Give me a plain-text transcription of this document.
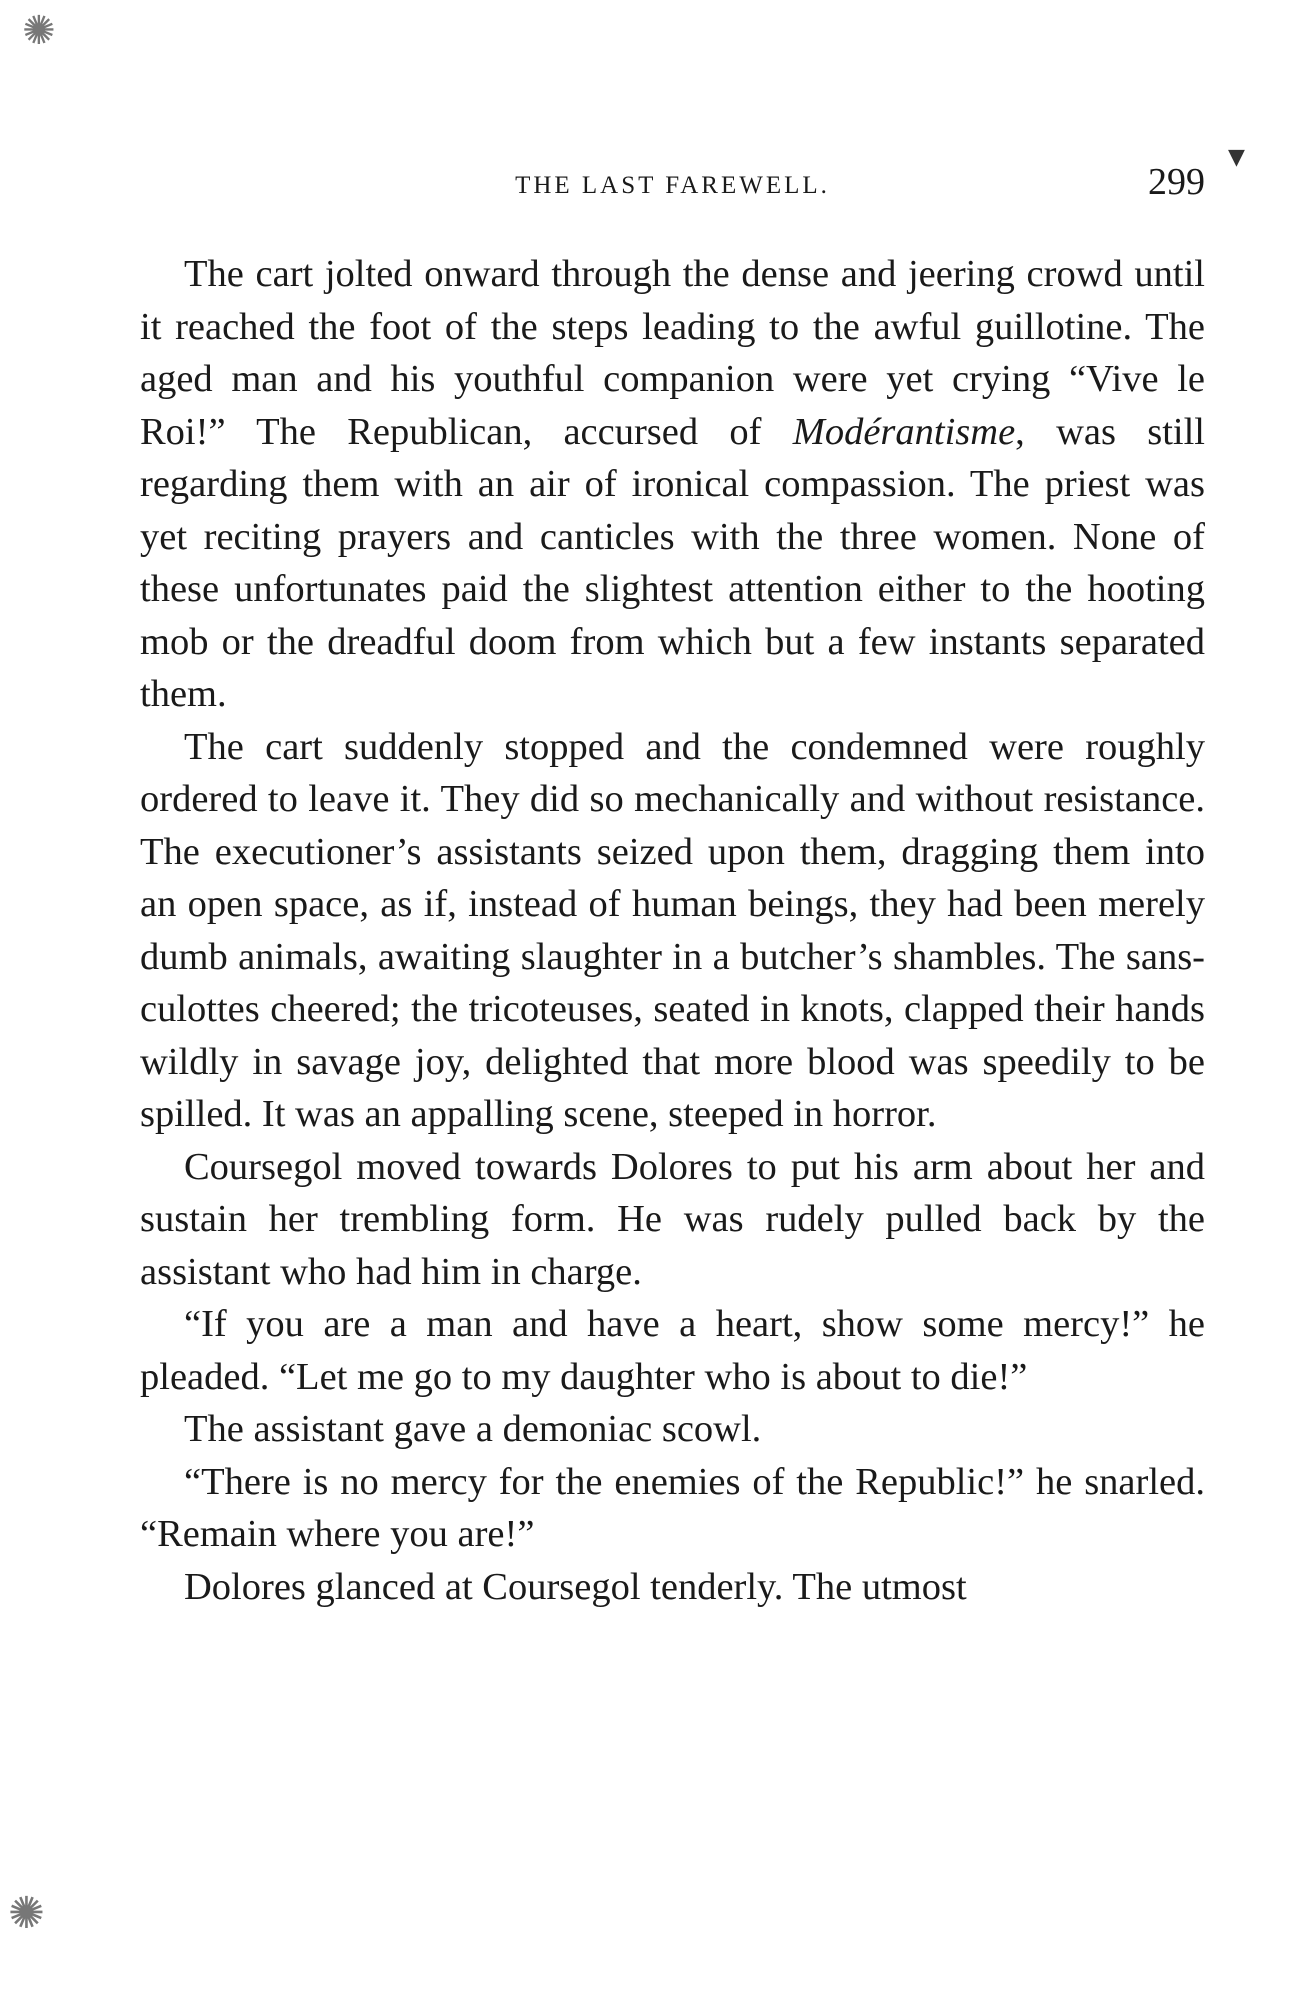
THE LAST FAREWELL.	299

The cart jolted onward through the dense and jeering crowd until it reached the foot of the steps leading to the awful guillotine. The aged man and his youthful companion were yet crying “Vive le Roi!” The Republican, accursed of Modérantisme, was still regarding them with an air of ironical compassion. The priest was yet reciting prayers and canticles with the three women. None of these unfortunates paid the slightest attention either to the hooting mob or the dreadful doom from which but a few instants separated them.

The cart suddenly stopped and the condemned were roughly ordered to leave it. They did so mechanically and without resistance. The executioner’s assistants seized upon them, dragging them into an open space, as if, instead of human beings, they had been merely dumb animals, awaiting slaughter in a butcher’s shambles. The sans-culottes cheered; the tricoteuses, seated in knots, clapped their hands wildly in savage joy, delighted that more blood was speedily to be spilled. It was an appalling scene, steeped in horror.

Coursegol moved towards Dolores to put his arm about her and sustain her trembling form. He was rudely pulled back by the assistant who had him in charge.

“If you are a man and have a heart, show some mercy!” he pleaded. “Let me go to my daughter who is about to die!”

The assistant gave a demoniac scowl.

“There is no mercy for the enemies of the Republic!” he snarled. “Remain where you are!”

Dolores glanced at Coursegol tenderly. The utmost

▼
✺
✺
